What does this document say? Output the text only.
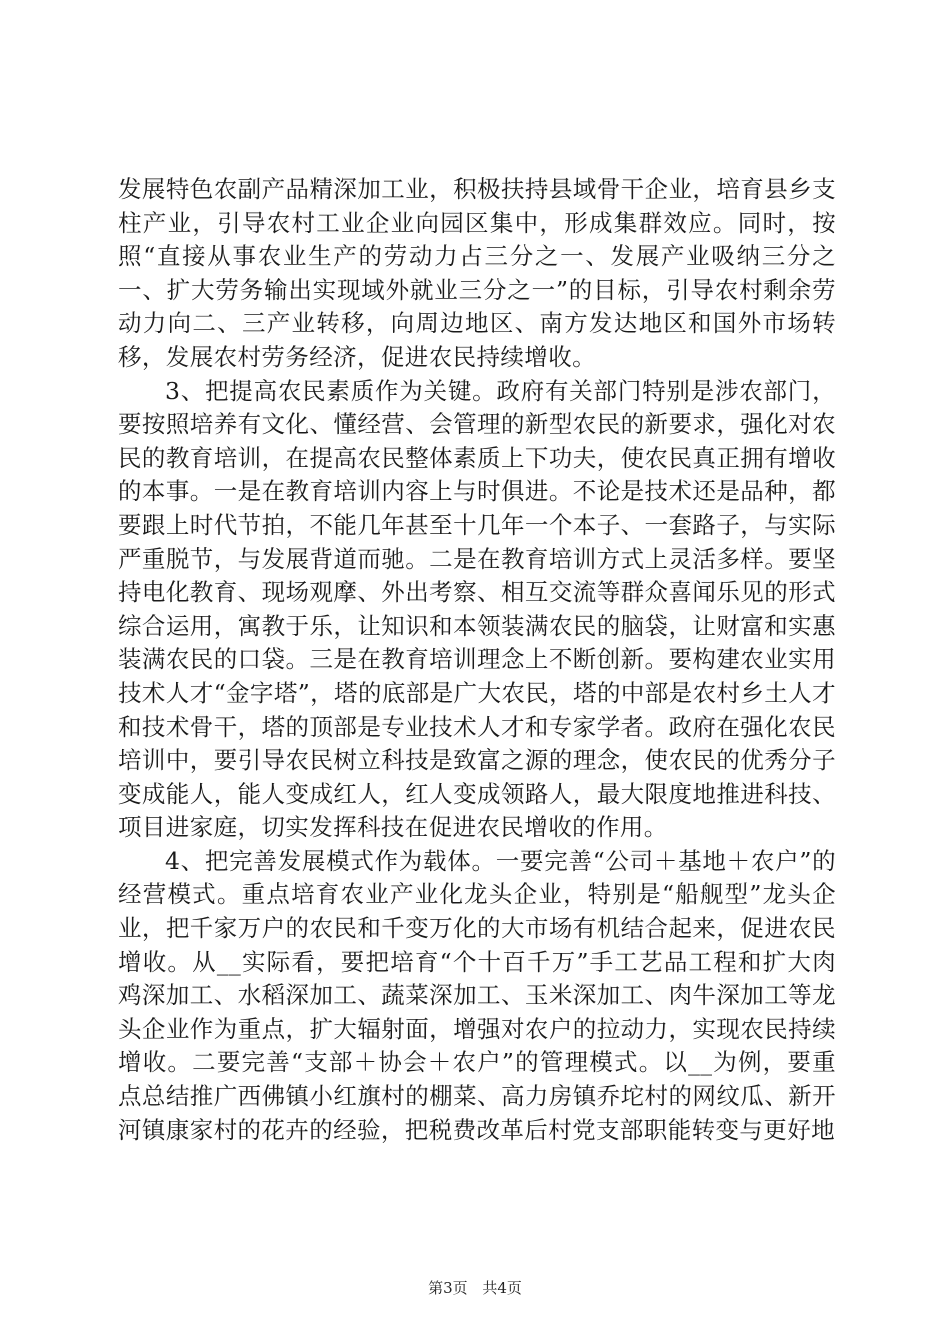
发展特色农副产品精深加工业，积极扶持县域骨干企业，培育县乡支柱产业，引导农村工业企业向园区集中，形成集群效应。同时，按照“直接从事农业生产的劳动力占三分之一、发展产业吸纳三分之一、扩大劳务输出实现域外就业三分之一”的目标，引导农村剩余劳动力向二、三产业转移，向周边地区、南方发达地区和国外市场转移，发展农村劳务经济，促进农民持续增收。

3、把提高农民素质作为关键。政府有关部门特别是涉农部门，要按照培养有文化、懂经营、会管理的新型农民的新要求，强化对农民的教育培训，在提高农民整体素质上下功夫，使农民真正拥有增收的本事。一是在教育培训内容上与时俱进。不论是技术还是品种，都要跟上时代节拍，不能几年甚至十几年一个本子、一套路子，与实际严重脱节，与发展背道而驰。二是在教育培训方式上灵活多样。要坚持电化教育、现场观摩、外出考察、相互交流等群众喜闻乐见的形式综合运用，寓教于乐，让知识和本领装满农民的脑袋，让财富和实惠装满农民的口袋。三是在教育培训理念上不断创新。要构建农业实用技术人才“金字塔”，塔的底部是广大农民，塔的中部是农村乡土人才和技术骨干，塔的顶部是专业技术人才和专家学者。政府在强化农民培训中，要引导农民树立科技是致富之源的理念，使农民的优秀分子变成能人，能人变成红人，红人变成领路人，最大限度地推进科技、项目进家庭，切实发挥科技在促进农民增收的作用。

4、把完善发展模式作为载体。一要完善“公司＋基地＋农户”的经营模式。重点培育农业产业化龙头企业，特别是“船舰型”龙头企业，把千家万户的农民和千变万化的大市场有机结合起来，促进农民增收。从__实际看，要把培育“个十百千万”手工艺品工程和扩大肉鸡深加工、水稻深加工、蔬菜深加工、玉米深加工、肉牛深加工等龙头企业作为重点，扩大辐射面，增强对农户的拉动力，实现农民持续增收。二要完善“支部＋协会＋农户”的管理模式。以__为例，要重点总结推广西佛镇小红旗村的棚菜、高力房镇乔坨村的网纹瓜、新开河镇康家村的花卉的经验，把税费改革后村党支部职能转变与更好地

第3页 共4页
